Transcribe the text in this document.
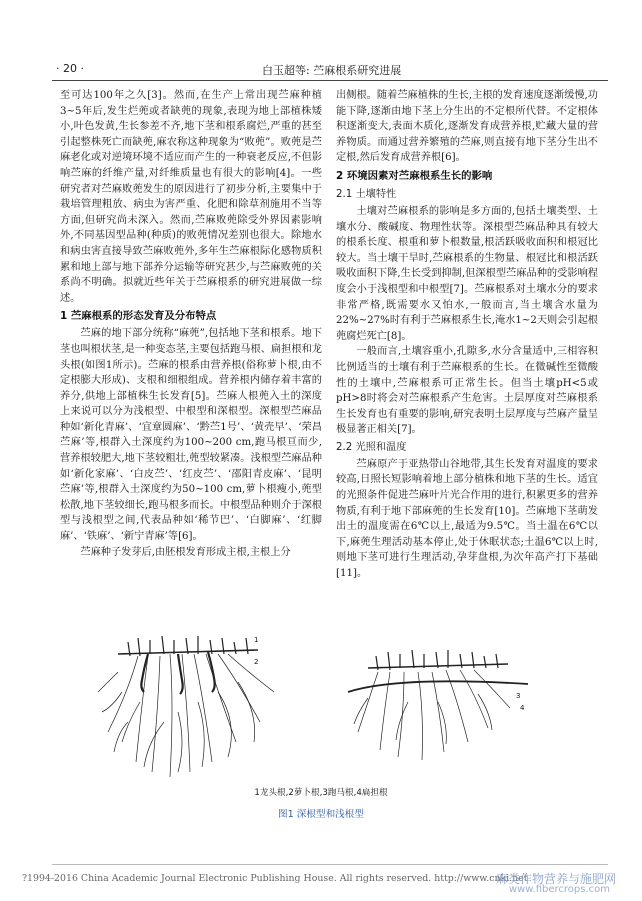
· 20 ·	白玉超等: 苎麻根系研究进展

至可达100年之久[3]。然而,在生产上常出现苎麻种植3~5年后,发生烂蔸或者缺蔸的现象,表现为地上部植株矮小,叶色发黄,生长参差不齐,地下茎和根系腐烂,严重的甚至引起整株死亡而缺蔸,麻农称这种现象为“败蔸”。败蔸是苎麻老化或对逆境环境不适应而产生的一种衰老反应,不但影响苎麻的纤维产量,对纤维质量也有很大的影响[4]。一些研究者对苎麻败蔸发生的原因进行了初步分析,主要集中于栽培管理粗放、病虫为害严重、化肥和除草剂施用不当等方面,但研究尚未深入。然而,苎麻败蔸除受外界因素影响外,不同基因型品种(种质)的败蔸情况差别也很大。除地水和病虫害直接导致苎麻败蔸外,多年生苎麻根际化感物质积累和地上部与地下部养分运输等研究甚少,与苎麻败蔸的关系尚不明确。拟就近些年关于苎麻根系的研究进展做一综述。

1 苎麻根系的形态发育及分布特点

苎麻的地下部分统称“麻蔸”,包括地下茎和根系。地下茎也叫根状茎,是一种变态茎,主要包括跑马根、扁担根和龙头根(如图1所示)。苎麻的根系由营养根(俗称萝卜根,由不定根膨大形成)、支根和细根组成。营养根内储存着丰富的养分,供地上部植株生长发育[5]。苎麻人根蔸入土的深度上来说可以分为浅根型、中根型和深根型。深根型苎麻品种如‘新化青麻’、‘宜章圆麻’、‘黔苎1号’、‘黄壳早’、‘荣昌苎麻’等,根群入土深度约为100~200 cm,跑马根亘而少,营养根较肥大,地下茎较粗壮,蔸型较紧凑。浅根型苎麻品种如‘新化家麻’、‘白皮苎’、‘红皮苎’、‘邵阳青皮麻’、‘昆明苎麻’等,根群入土深度约为50~100 cm,萝卜根瘦小,蔸型松散,地下茎较细长,跑马根多而长。中根型品种则介于深根型与浅根型之间,代表品种如‘稀节巴’、‘白脚麻’、‘红脚麻’、‘铁麻’、‘新宁青麻’等[6]。

苎麻种子发芽后,由胚根发育形成主根,主根上分

出侧根。随着苎麻植株的生长,主根的发育速度逐渐缓慢,功能下降,逐渐由地下茎上分生出的不定根所代替。不定根体积逐渐变大,表面木质化,逐渐发育成营养根,贮藏大量的营养物质。而通过营养繁殖的苎麻,则直接有地下茎分生出不定根,然后发育成营养根[6]。

2 环境因素对苎麻根系生长的影响
2.1 土壤特性

土壤对苎麻根系的影响是多方面的,包括土壤类型、土壤水分、酸碱度、物理性状等。深根型苎麻品种具有较大的根系长度、根重和萝卜根数量,根活跃吸收面积和根冠比较大。当土壤干旱时,苎麻根系的生物量、根冠比和根活跃吸收面积下降,生长受到抑制,但深根型苎麻品种的受影响程度会小于浅根型和中根型[7]。苎麻根系对土壤水分的要求非常严格,既需要水又怕水,一般而言,当土壤含水量为22%~27%时有利于苎麻根系生长,淹水1~2天则会引起根蔸腐烂死亡[8]。

一般而言,土壤容重小,孔隙多,水分含量适中,三相容积比例适当的土壤有利于苎麻根系的生长。在微碱性至微酸性的土壤中,苎麻根系可正常生长。但当土壤pH<5或pH>8时将会对苎麻根系产生危害。土层厚度对苎麻根系生长发育也有重要的影响,研究表明土层厚度与苎麻产量呈极显著正相关[7]。

2.2 光照和温度

苎麻原产于亚热带山谷地带,其生长发育对温度的要求较高,日照长短影响着地上部分植株和地下茎的生长。适宜的光照条件促进苎麻叶片光合作用的进行,积累更多的营养物质,有利于地下部麻蔸的生长发育[10]。苎麻地下茎萌发出土的温度需在6℃以上,最适为9.5℃。当土温在6℃以下,麻蔸生理活动基本停止,处于休眠状态;土温6℃以上时,则地下茎可进行生理活动,孕芽盘根,为次年高产打下基础[11]。

1
2
3
4
1龙头根,2萝卜根,3跑马根,4扁担根
图1 深根型和浅根型
?1994-2016 China Academic Journal Electronic Publishing House. All rights reserved. http://www.cnki.net
麻类作物营养与施肥网
www.fibercrops.com
